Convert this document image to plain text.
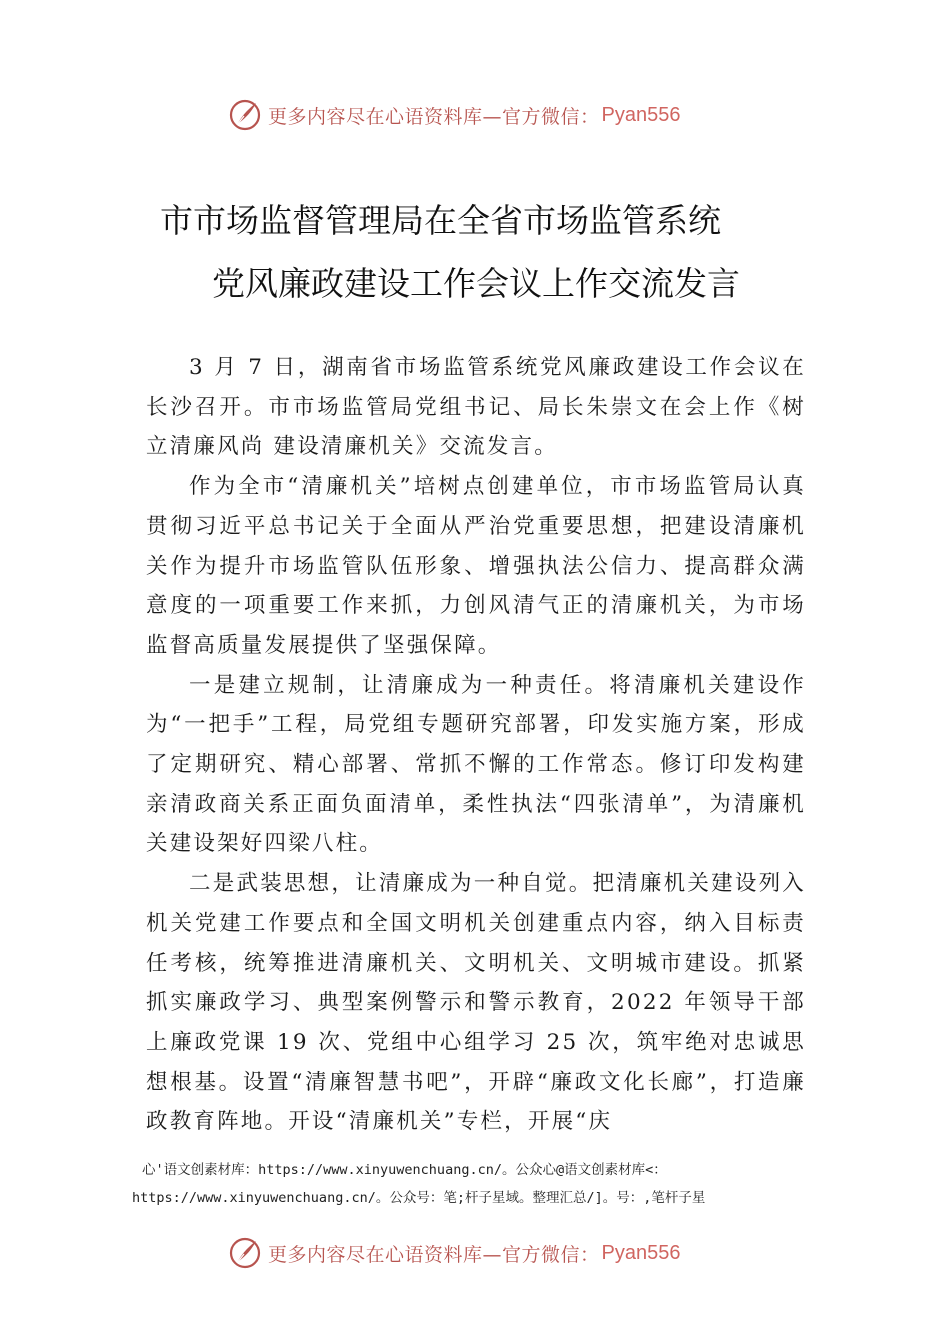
更多内容尽在心语资料库—官方微信： Pyan556
市市场监督管理局在全省市场监管系统
党风廉政建设工作会议上作交流发言

3 月 7 日，湖南省市场监管系统党风廉政建设工作会议在长沙召开。市市场监管局党组书记、局长朱崇文在会上作《树立清廉风尚 建设清廉机关》交流发言。

作为全市“清廉机关”培树点创建单位，市市场监管局认真贯彻习近平总书记关于全面从严治党重要思想，把建设清廉机关作为提升市场监管队伍形象、增强执法公信力、提高群众满意度的一项重要工作来抓，力创风清气正的清廉机关，为市场监督高质量发展提供了坚强保障。

一是建立规制，让清廉成为一种责任。将清廉机关建设作为“一把手”工程，局党组专题研究部署，印发实施方案，形成了定期研究、精心部署、常抓不懈的工作常态。修订印发构建亲清政商关系正面负面清单，柔性执法“四张清单”，为清廉机关建设架好四梁八柱。

二是武装思想，让清廉成为一种自觉。把清廉机关建设列入机关党建工作要点和全国文明机关创建重点内容，纳入目标责任考核，统筹推进清廉机关、文明机关、文明城市建设。抓紧抓实廉政学习、典型案例警示和警示教育，2022 年领导干部上廉政党课 19 次、党组中心组学习 25 次，筑牢绝对忠诚思想根基。设置“清廉智慧书吧”，开辟“廉政文化长廊”，打造廉政教育阵地。开设“清廉机关”专栏，开展“庆

心'语文创素材库：https://www.xinyuwenchuang.cn/。公众心@语文创素材库<：
https://www.xinyuwenchuang.cn/。公众号：笔;杆子星域。整理汇总/]。号：,笔杆子星
更多内容尽在心语资料库—官方微信： Pyan556
